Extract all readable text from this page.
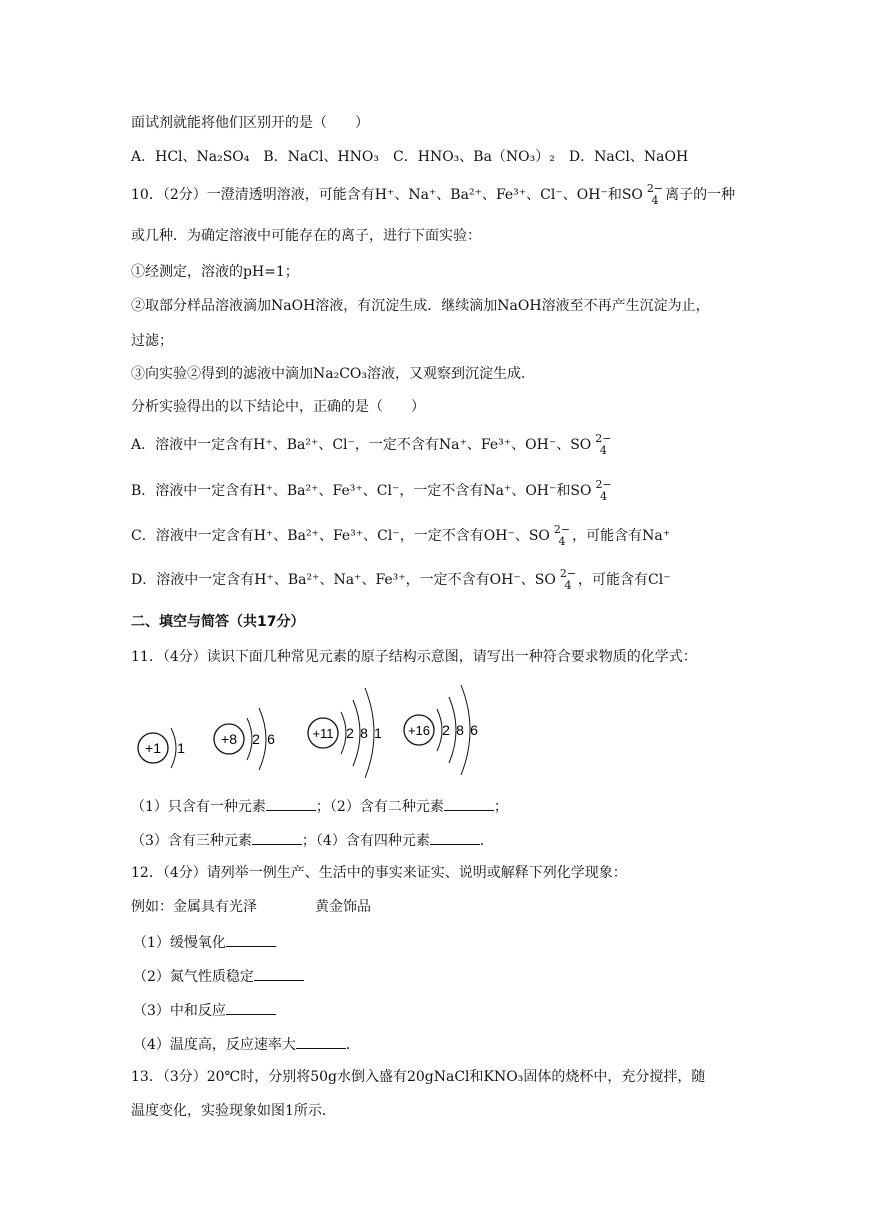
面试剂就能将他们区别开的是（　　）
A．HCl、Na₂SO₄　B．NaCl、HNO₃　C．HNO₃、Ba（NO₃）₂　D．NaCl、NaOH
10．（2分）一澄清透明溶液，可能含有H⁺、Na⁺、Ba²⁺、Fe³⁺、Cl⁻、OH⁻和SO 2−
4 离子的一种
或几种．为确定溶液中可能存在的离子，进行下面实验：
①经测定，溶液的pH=1；
②取部分样品溶液滴加NaOH溶液，有沉淀生成．继续滴加NaOH溶液至不再产生沉淀为止，
过滤；
③向实验②得到的滤液中滴加Na₂CO₃溶液，又观察到沉淀生成．
分析实验得出的以下结论中，正确的是（　　）
A．溶液中一定含有H⁺、Ba²⁺、Cl⁻，一定不含有Na⁺、Fe³⁺、OH⁻、SO 2−
4
B．溶液中一定含有H⁺、Ba²⁺、Fe³⁺、Cl⁻，一定不含有Na⁺、OH⁻和SO 2−
4
C．溶液中一定含有H⁺、Ba²⁺、Fe³⁺、Cl⁻，一定不含有OH⁻、SO 2−
4 ，可能含有Na⁺
D．溶液中一定含有H⁺、Ba²⁺、Na⁺、Fe³⁺，一定不含有OH⁻、SO 2−
4 ，可能含有Cl⁻
二、填空与简答（共17分）
11．（4分）读识下面几种常见元素的原子结构示意图，请写出一种符合要求物质的化学式：
+1 1
+8 2 6	+11 2 8 1 +16 2 8 6
（1）只含有一种元素	；（2）含有二种元素	；
（3）含有三种元素	；（4）含有四种元素	．
12．（4分）请列举一例生产、生活中的事实来证实、说明或解释下列化学现象：
例如：金属具有光泽	黄金饰品
（1）缓慢氧化
（2）氮气性质稳定
（3）中和反应
（4）温度高，反应速率大	．
13．（3分）20℃时，分别将50g水倒入盛有20gNaCl和KNO₃固体的烧杯中，充分搅拌，随
温度变化，实验现象如图1所示．
